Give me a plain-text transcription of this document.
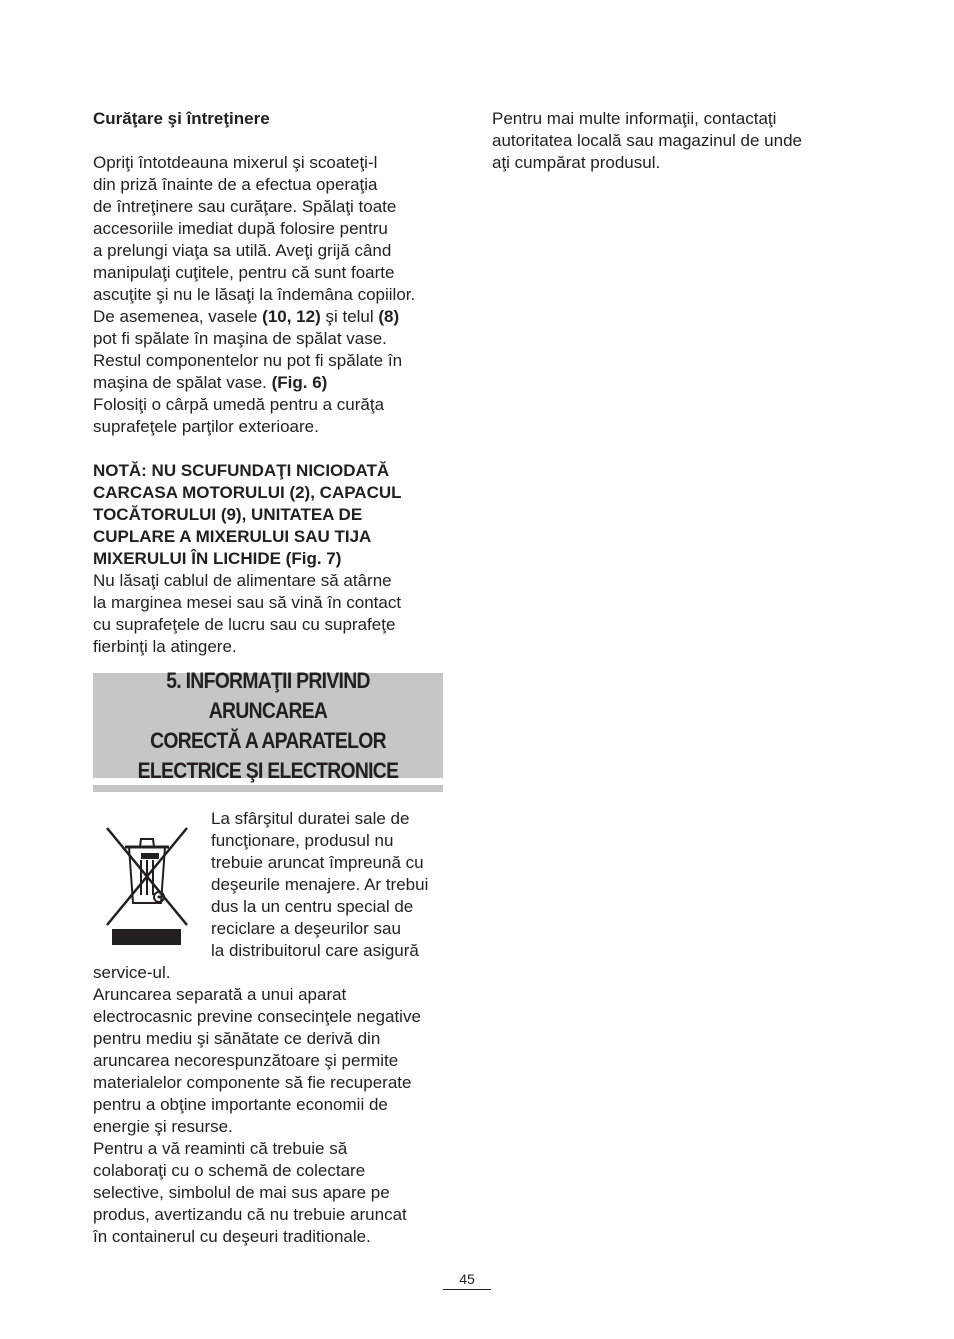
Curăţare şi întreţinere

Opriţi întotdeauna mixerul şi scoateţi-l
din priză înainte de a efectua operaţia
de întreţinere sau curăţare. Spălaţi toate
accesoriile imediat după folosire pentru
a prelungi viaţa sa utilă. Aveţi grijă când
manipulaţi cuţitele, pentru că sunt foarte
ascuţite şi nu le lăsaţi la îndemâna copiilor.

De asemenea, vasele (10, 12) şi telul (8)
pot fi spălate în maşina de spălat vase.
Restul componentelor nu pot fi spălate în
maşina de spălat vase. (Fig. 6)

Folosiţi o cârpă umedă pentru a curăţa
suprafeţele parţilor exterioare.

NOTĂ: NU SCUFUNDAŢI NICIODATĂ
CARCASA MOTORULUI (2), CAPACUL
TOCĂTORULUI (9), UNITATEA DE
CUPLARE A MIXERULUI SAU TIJA
MIXERULUI ÎN LICHIDE (Fig. 7)

Nu lăsaţi cablul de alimentare să atârne
la marginea mesei sau să vină în contact
cu suprafeţele de lucru sau cu suprafeţe
fierbinţi la atingere.

5. INFORMAŢII PRIVIND ARUNCAREA
CORECTĂ A APARATELOR
ELECTRICE ŞI ELECTRONICE

La sfârşitul duratei sale de
funcţionare, produsul nu
trebuie aruncat împreună cu
deşeurile menajere. Ar trebui
dus la un centru special de
reciclare a deşeurilor sau
la distribuitorul care asigură
service-ul.
Aruncarea separată a unui aparat
electrocasnic previne consecinţele negative
pentru mediu şi sănătate ce derivă din
aruncarea necorespunzătoare şi permite
materialelor componente să fie recuperate
pentru a obţine importante economii de
energie şi resurse.
Pentru a vă reaminti că trebuie să
colaboraţi cu o schemă de colectare
selective, simbolul de mai sus apare pe
produs, avertizandu că nu trebuie aruncat
în containerul cu deşeuri traditionale.

Pentru mai multe informaţii, contactaţi
autoritatea locală sau magazinul de unde
aţi cumpărat produsul.

45
